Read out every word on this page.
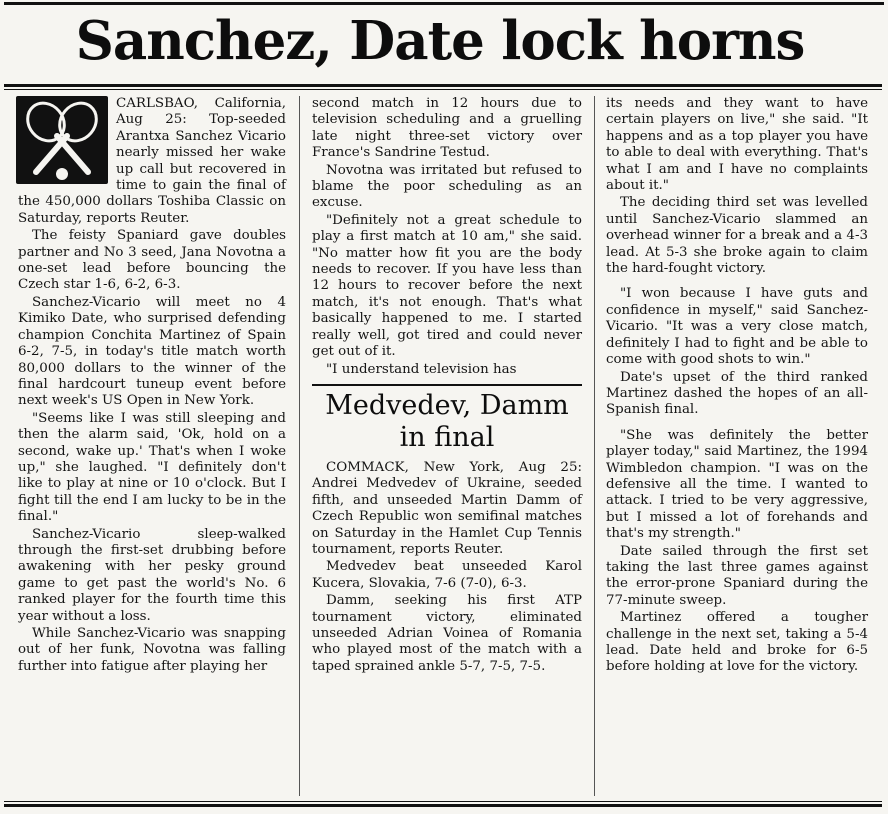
Sanchez, Date lock horns

CARLSBAO, California, Aug 25: Top-seeded Arantxa Sanchez Vicario nearly missed her wake up call but recovered in time to gain the final of the 450,000 dollars Toshiba Classic on Saturday, reports Reuter.

The feisty Spaniard gave doubles partner and No 3 seed, Jana Novotna a one-set lead before bouncing the Czech star 1-6, 6-2, 6-3.

Sanchez-Vicario will meet no 4 Kimiko Date, who surprised defending champion Conchita Martinez of Spain 6-2, 7-5, in today's title match worth 80,000 dollars to the winner of the final hardcourt tuneup event before next week's US Open in New York.

"Seems like I was still sleeping and then the alarm said, 'Ok, hold on a second, wake up.' That's when I woke up," she laughed. "I definitely don't like to play at nine or 10 o'clock. But I fight till the end I am lucky to be in the final."

Sanchez-Vicario sleep-walked through the first-set drubbing before awakening with her pesky ground game to get past the world's No. 6 ranked player for the fourth time this year without a loss.

While Sanchez-Vicario was snapping out of her funk, Novotna was falling further into fatigue after playing her

second match in 12 hours due to television scheduling and a gruelling late night three-set victory over France's Sandrine Testud.

Novotna was irritated but refused to blame the poor scheduling as an excuse.

"Definitely not a great schedule to play a first match at 10 am," she said. "No matter how fit you are the body needs to recover. If you have less than 12 hours to recover before the next match, it's not enough. That's what basically happened to me. I started really well, got tired and could never get out of it.

"I understand television has

Medvedev, Damm in final

COMMACK, New York, Aug 25: Andrei Medvedev of Ukraine, seeded fifth, and unseeded Martin Damm of Czech Republic won semifinal matches on Saturday in the Hamlet Cup Tennis tournament, reports Reuter.

Medvedev beat unseeded Karol Kucera, Slovakia, 7-6 (7-0), 6-3.

Damm, seeking his first ATP tournament victory, eliminated unseeded Adrian Voinea of Romania who played most of the match with a taped sprained ankle 5-7, 7-5, 7-5.

its needs and they want to have certain players on live," she said. "It happens and as a top player you have to able to deal with everything. That's what I am and I have no complaints about it."

The deciding third set was levelled until Sanchez-Vicario slammed an overhead winner for a break and a 4-3 lead. At 5-3 she broke again to claim the hard-fought victory.

"I won because I have guts and confidence in myself," said Sanchez-Vicario. "It was a very close match, definitely I had to fight and be able to come with good shots to win."

Date's upset of the third ranked Martinez dashed the hopes of an all-Spanish final.

"She was definitely the better player today," said Martinez, the 1994 Wimbledon champion. "I was on the defensive all the time. I wanted to attack. I tried to be very aggressive, but I missed a lot of forehands and that's my strength."

Date sailed through the first set taking the last three games against the error-prone Spaniard during the 77-minute sweep.

Martinez offered a tougher challenge in the next set, taking a 5-4 lead. Date held and broke for 6-5 before holding at love for the victory.
